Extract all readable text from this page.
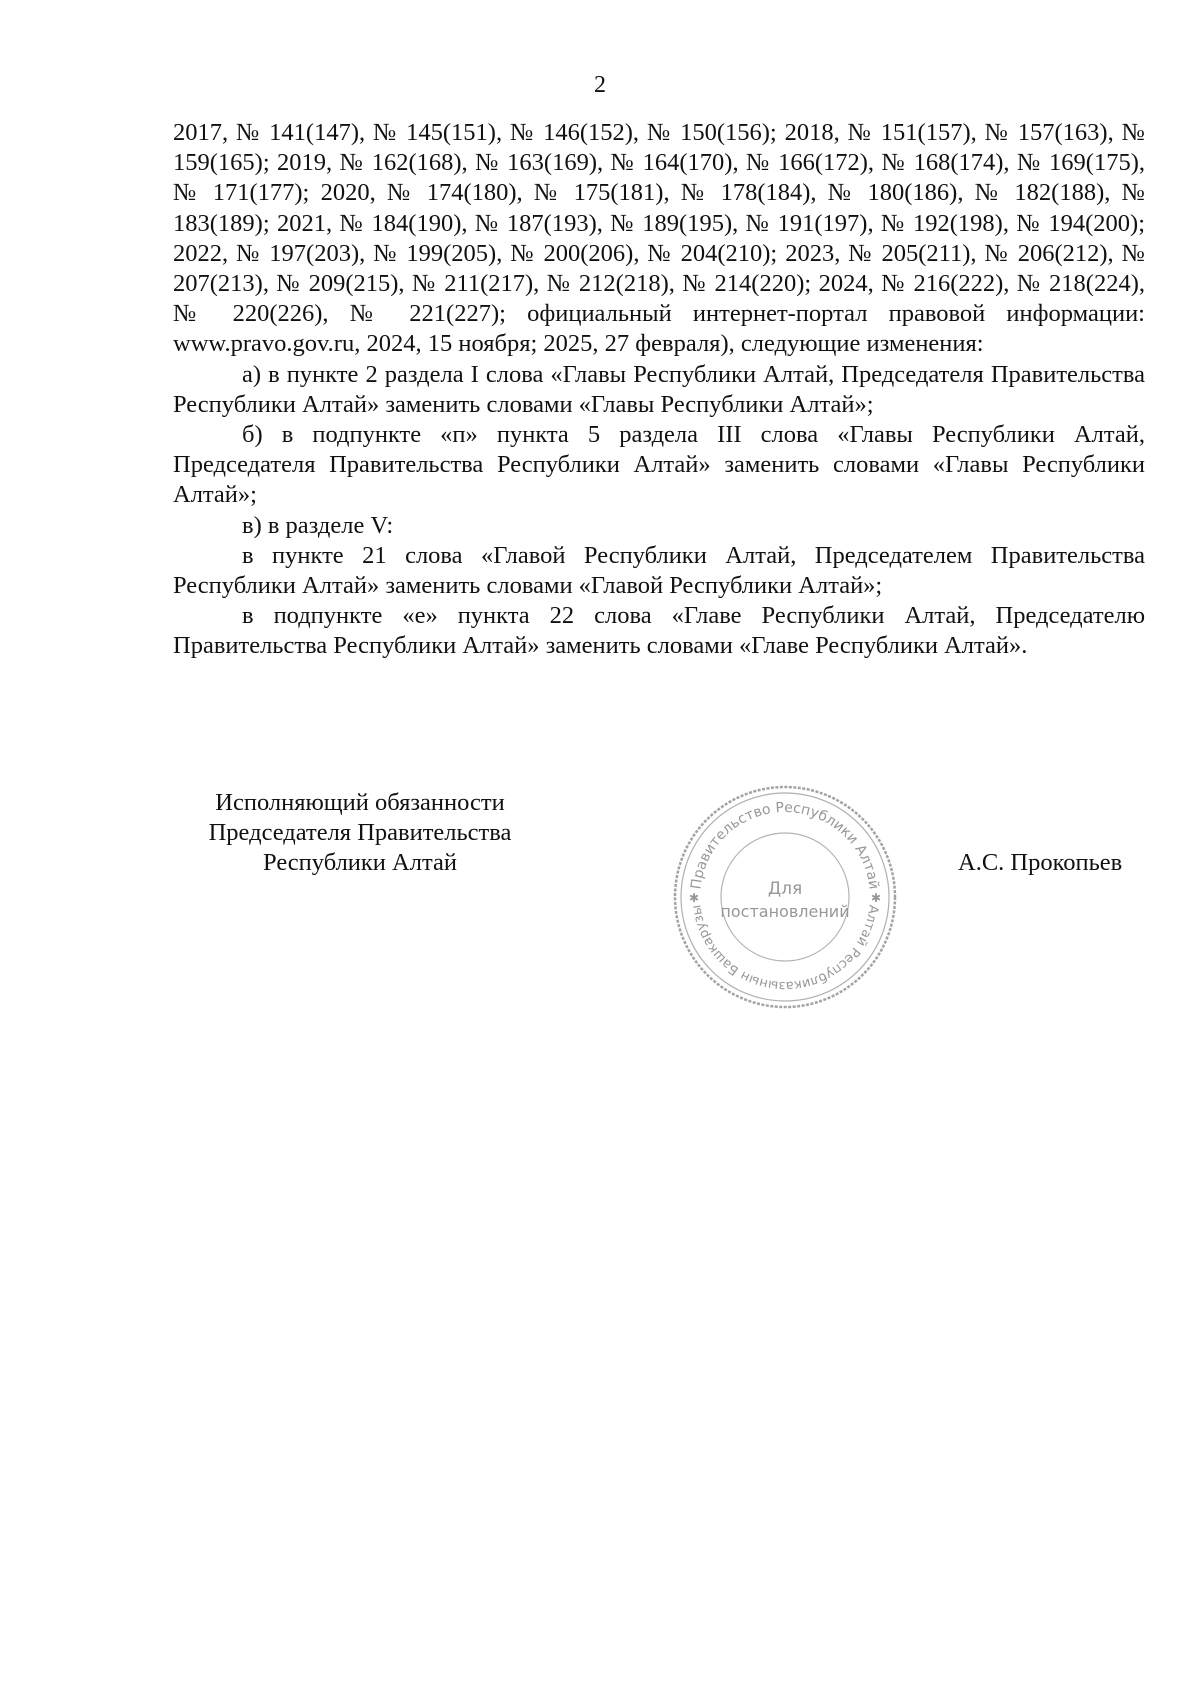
2

2017, № 141(147), № 145(151), № 146(152), № 150(156); 2018, № 151(157), № 157(163), № 159(165); 2019, № 162(168), № 163(169), № 164(170), № 166(172), № 168(174), № 169(175), № 171(177); 2020, № 174(180), № 175(181), № 178(184), № 180(186), № 182(188), № 183(189); 2021, № 184(190), № 187(193), № 189(195), № 191(197), № 192(198), № 194(200); 2022, № 197(203), № 199(205), № 200(206), № 204(210); 2023, № 205(211), № 206(212), № 207(213), № 209(215), № 211(217), № 212(218), № 214(220); 2024, № 216(222), № 218(224), № 220(226), № 221(227); официальный интернет-портал правовой информации: www.pravo.gov.ru, 2024, 15 ноября; 2025, 27 февраля), следующие изменения:

а) в пункте 2 раздела I слова «Главы Республики Алтай, Председателя Правительства Республики Алтай» заменить словами «Главы Республики Алтай»;

б) в подпункте «п» пункта 5 раздела III слова «Главы Республики Алтай, Председателя Правительства Республики Алтай» заменить словами «Главы Республики Алтай»;

в) в разделе V:

в пункте 21 слова «Главой Республики Алтай, Председателем Правительства Республики Алтай» заменить словами «Главой Республики Алтай»;

в подпункте «е» пункта 22 слова «Главе Республики Алтай, Председателю Правительства Республики Алтай» заменить словами «Главе Республики Алтай».

Исполняющий обязанности
Председателя Правительства
Республики Алтай
Правительство Республики Алтай
Алтай Республиказынын Башкарузы
✱	✱
Для
постановлений
А.С. Прокопьев
